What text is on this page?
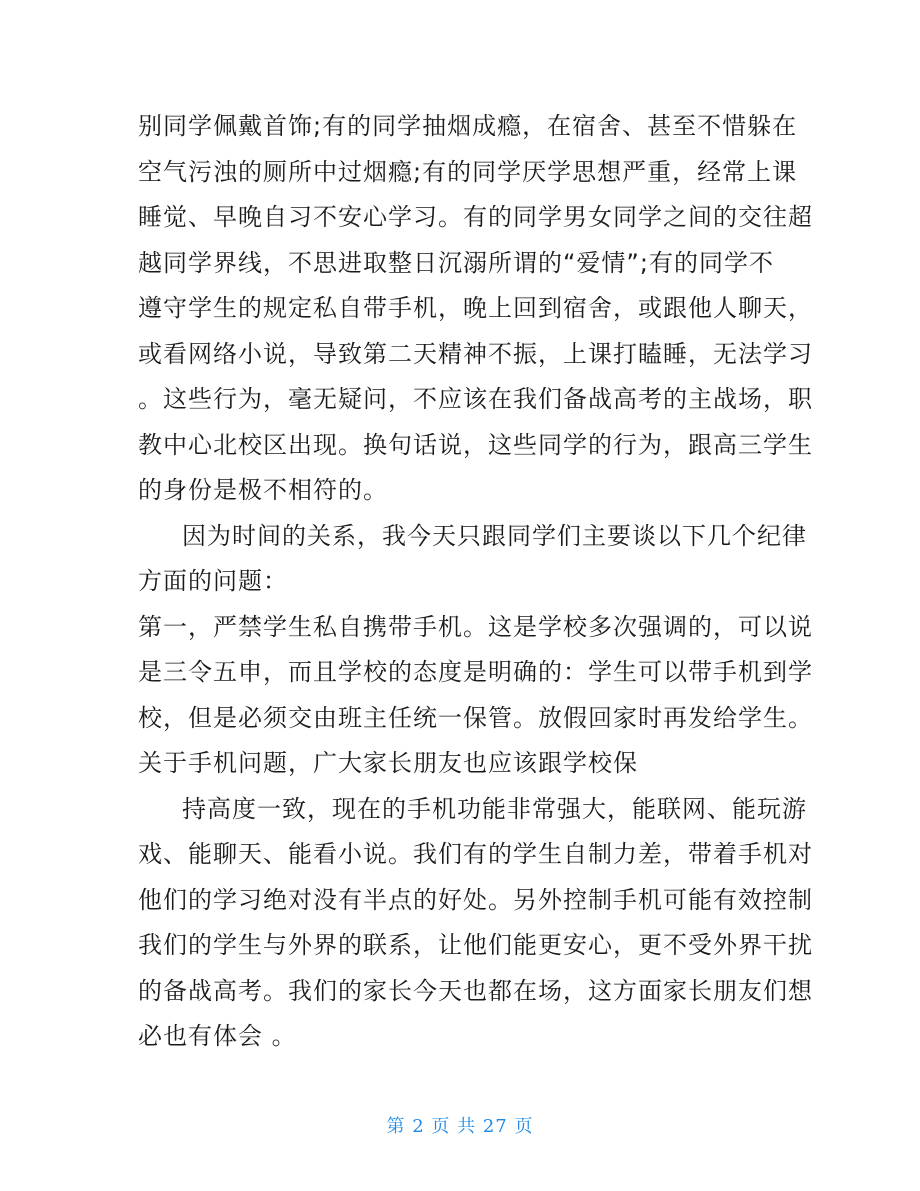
别同学佩戴首饰;有的同学抽烟成瘾，在宿舍、甚至不惜躲在
空气污浊的厕所中过烟瘾;有的同学厌学思想严重，经常上课
睡觉、早晚自习不安心学习。有的同学男女同学之间的交往超
越同学界线，不思进取整日沉溺所谓的“爱情”;有的同学不
遵守学生的规定私自带手机，晚上回到宿舍，或跟他人聊天，
或看网络小说，导致第二天精神不振，上课打瞌睡，无法学习
。这些行为，毫无疑问，不应该在我们备战高考的主战场，职
教中心北校区出现。换句话说，这些同学的行为，跟高三学生
的身份是极不相符的。
因为时间的关系，我今天只跟同学们主要谈以下几个纪律
方面的问题：
第一，严禁学生私自携带手机。这是学校多次强调的，可以说
是三令五申，而且学校的态度是明确的：学生可以带手机到学
校，但是必须交由班主任统一保管。放假回家时再发给学生。
关于手机问题，广大家长朋友也应该跟学校保
持高度一致，现在的手机功能非常强大，能联网、能玩游
戏、能聊天、能看小说。我们有的学生自制力差，带着手机对
他们的学习绝对没有半点的好处。另外控制手机可能有效控制
我们的学生与外界的联系，让他们能更安心，更不受外界干扰
的备战高考。我们的家长今天也都在场，这方面家长朋友们想
必也有体会 。
第 2 页 共 27 页
